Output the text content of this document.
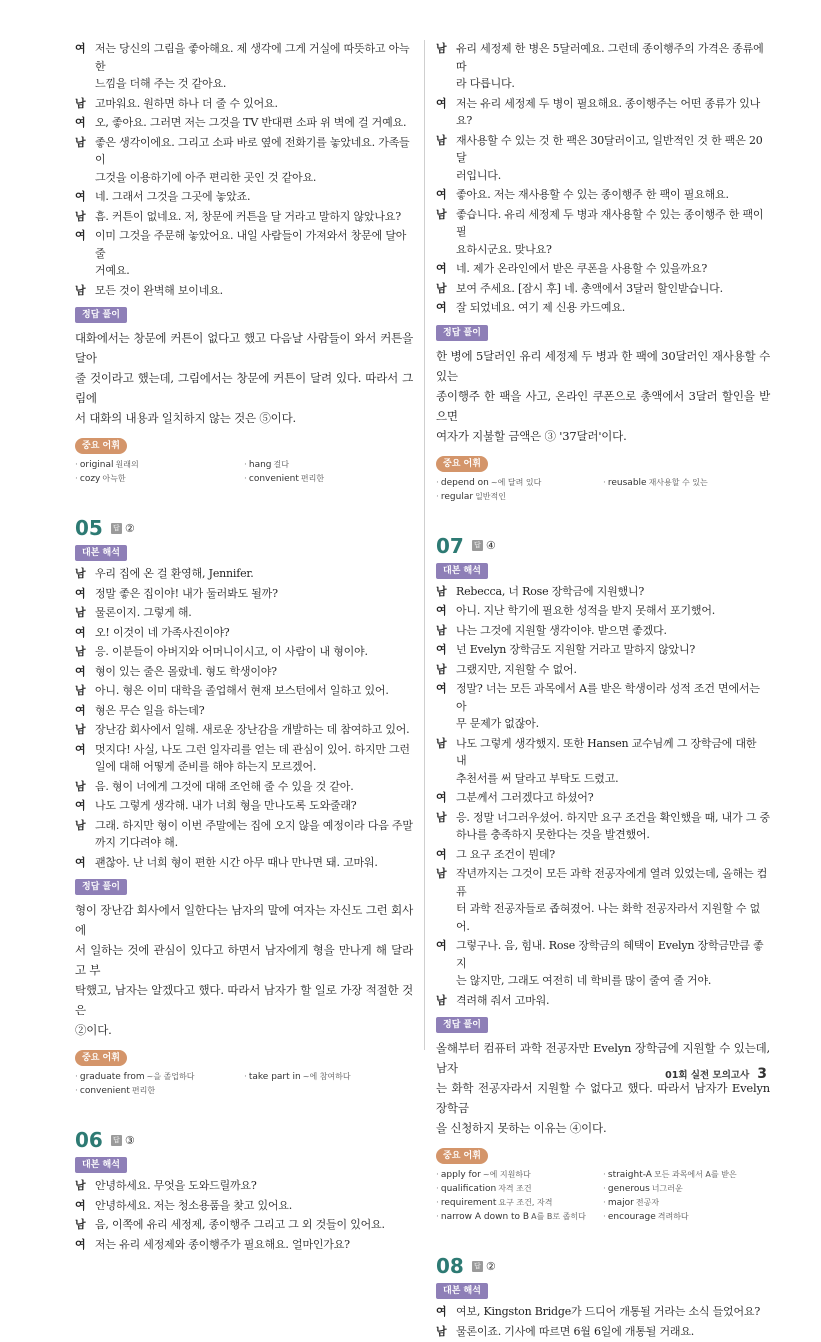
여 저는 당신의 그림을 좋아해요. 제 생각에 그게 거실에 따뜻하고 아늑한
느낌을 더해 주는 것 같아요.
남 고마워요. 원하면 하나 더 줄 수 있어요.
여 오, 좋아요. 그러면 저는 그것을 TV 반대편 소파 위 벽에 걸 거예요.
남 좋은 생각이에요. 그리고 소파 바로 옆에 전화기를 놓았네요. 가족들이
그것을 이용하기에 아주 편리한 곳인 것 같아요.
여 네. 그래서 그것을 그곳에 놓았죠.
남 흠. 커튼이 없네요. 저, 창문에 커튼을 달 거라고 말하지 않았나요?
여 이미 그것을 주문해 놓았어요. 내일 사람들이 가져와서 창문에 달아 줄
거예요.
남 모든 것이 완벽해 보이네요.
정답 풀이
대화에서는 창문에 커튼이 없다고 했고 다음날 사람들이 와서 커튼을 달아
줄 것이라고 했는데, 그림에서는 창문에 커튼이 달려 있다. 따라서 그림에
서 대화의 내용과 일치하지 않는 것은 ⑤이다.
중요 어휘
· original 원래의	· hang 걸다
· cozy 아늑한	· convenient 편리한
05	답 ②
대본 해석
남 우리 집에 온 걸 환영해, Jennifer.
여 정말 좋은 집이야! 내가 둘러봐도 될까?
남 물론이지. 그렇게 해.
여 오! 이것이 네 가족사진이야?
남 응. 이분들이 아버지와 어머니이시고, 이 사람이 내 형이야.
여 형이 있는 줄은 몰랐네. 형도 학생이야?
남 아니. 형은 이미 대학을 졸업해서 현재 보스턴에서 일하고 있어.
여 형은 무슨 일을 하는데?
남 장난감 회사에서 일해. 새로운 장난감을 개발하는 데 참여하고 있어.
여 멋지다! 사실, 나도 그런 일자리를 얻는 데 관심이 있어. 하지만 그런
일에 대해 어떻게 준비를 해야 하는지 모르겠어.
남 음. 형이 너에게 그것에 대해 조언해 줄 수 있을 것 같아.
여 나도 그렇게 생각해. 내가 너희 형을 만나도록 도와줄래?
남 그래. 하지만 형이 이번 주말에는 집에 오지 않을 예정이라 다음 주말
까지 기다려야 해.
여 괜찮아. 난 너희 형이 편한 시간 아무 때나 만나면 돼. 고마워.
정답 풀이
형이 장난감 회사에서 일한다는 남자의 말에 여자는 자신도 그런 회사에
서 일하는 것에 관심이 있다고 하면서 남자에게 형을 만나게 해 달라고 부
탁했고, 남자는 알겠다고 했다. 따라서 남자가 할 일로 가장 적절한 것은
②이다.
중요 어휘
· graduate from ~을 졸업하다	· take part in ~에 참여하다
· convenient 편리한
06	답 ③
대본 해석
남 안녕하세요. 무엇을 도와드릴까요?
여 안녕하세요. 저는 청소용품을 찾고 있어요.
남 음, 이쪽에 유리 세정제, 종이행주 그리고 그 외 것들이 있어요.
여 저는 유리 세정제와 종이행주가 필요해요. 얼마인가요?
남 유리 세정제 한 병은 5달러예요. 그런데 종이행주의 가격은 종류에 따
라 다릅니다.
여 저는 유리 세정제 두 병이 필요해요. 종이행주는 어떤 종류가 있나요?
남 재사용할 수 있는 것 한 팩은 30달러이고, 일반적인 것 한 팩은 20달
러입니다.
여 좋아요. 저는 재사용할 수 있는 종이행주 한 팩이 필요해요.
남 좋습니다. 유리 세정제 두 병과 재사용할 수 있는 종이행주 한 팩이 필
요하시군요. 맞나요?
여 네. 제가 온라인에서 받은 쿠폰을 사용할 수 있을까요?
남 보여 주세요. [잠시 후] 네. 총액에서 3달러 할인받습니다.
여 잘 되었네요. 여기 제 신용 카드예요.
정답 풀이
한 병에 5달러인 유리 세정제 두 병과 한 팩에 30달러인 재사용할 수 있는
종이행주 한 팩을 사고, 온라인 쿠폰으로 총액에서 3달러 할인을 받으면
여자가 지불할 금액은 ③ '37달러'이다.
중요 어휘
· depend on ~에 달려 있다	· reusable 재사용할 수 있는
· regular 일반적인
07	답 ④
대본 해석
남 Rebecca, 너 Rose 장학금에 지원했니?
여 아니. 지난 학기에 필요한 성적을 받지 못해서 포기했어.
남 나는 그것에 지원할 생각이야. 받으면 좋겠다.
여 넌 Evelyn 장학금도 지원할 거라고 말하지 않았니?
남 그랬지만, 지원할 수 없어.
여 정말? 너는 모든 과목에서 A를 받은 학생이라 성적 조건 면에서는 아
무 문제가 없잖아.
남 나도 그렇게 생각했지. 또한 Hansen 교수님께 그 장학금에 대한 내
추천서를 써 달라고 부탁도 드렸고.
여 그분께서 그러겠다고 하셨어?
남 응. 정말 너그러우셨어. 하지만 요구 조건을 확인했을 때, 내가 그 중
하나를 충족하지 못한다는 것을 발견했어.
여 그 요구 조건이 뭔데?
남 작년까지는 그것이 모든 과학 전공자에게 열려 있었는데, 올해는 컴퓨
터 과학 전공자들로 좁혀졌어. 나는 화학 전공자라서 지원할 수 없어.
여 그렇구나. 음, 힘내. Rose 장학금의 혜택이 Evelyn 장학금만큼 좋지
는 않지만, 그래도 여전히 네 학비를 많이 줄여 줄 거야.
남 격려해 줘서 고마워.
정답 풀이
올해부터 컴퓨터 과학 전공자만 Evelyn 장학금에 지원할 수 있는데, 남자
는 화학 전공자라서 지원할 수 없다고 했다. 따라서 남자가 Evelyn 장학금
을 신청하지 못하는 이유는 ④이다.
중요 어휘
· apply for ~에 지원하다	· straight-A 모든 과목에서 A를 받은
· qualification 자격 조건	· generous 너그러운
· requirement 요구 조건, 자격	· major 전공자
· narrow A down to B A를 B로 좁히다	· encourage 격려하다
08	답 ②
대본 해석
여 여보, Kingston Bridge가 드디어 개통될 거라는 소식 들었어요?
남 물론이죠. 기사에 따르면 6월 6일에 개통될 거래요.
01회 실전 모의고사 3
